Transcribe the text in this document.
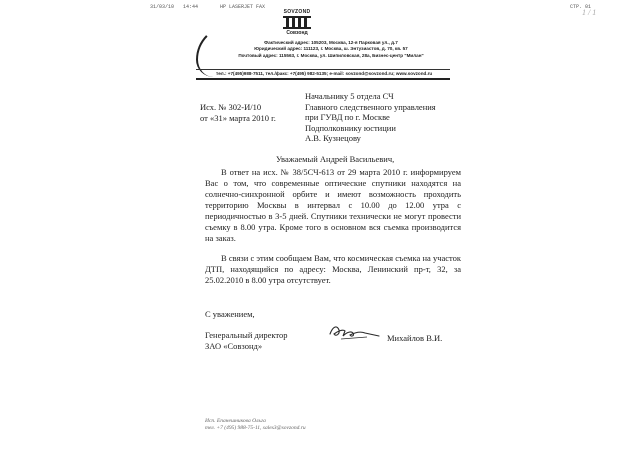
31/03/10 14:44	HP LASERJET FAX	СТР. 01
1 / 1
SOVZOND
Совзонд
Фактический адрес: 105203, Москва, 12-я Парковая ул., д.7
Юридический адрес: 111123, г. Москва, ш. Энтузиастов, д. 70, кв. 57
Почтовый адрес: 115563, г. Москва, ул. Шипиловская, 28а, Бизнес-центр "Милан"
тел.: +7(495)988-7511, тел./факс: +7(495) 982-5135; e-mail: sovzond@sovzond.ru; www.sovzond.ru
Исх. № 302-И/10
от «31» марта 2010 г.
Начальнику 5 отдела СЧ
Главного следственного управления
при ГУВД по г. Москве
Подполковнику юстиции
А.В. Кузнецову
Уважаемый Андрей Васильевич,
В ответ на исх. № 38/5СЧ-613 от 29 марта 2010 г. информируем Вас о том, что современные оптические спутники находятся на солнечно-синхронной орбите и имеют возможность проходить территорию Москвы в интервал с 10.00 до 12.00 утра с периодичностью в 3-5 дней. Спутники технически не могут провести съемку в 8.00 утра. Кроме того в основном вся съемка производится на заказ.
В связи с этим сообщаем Вам, что космическая съемка на участок ДТП, находящийся по адресу: Москва, Ленинский пр-т, 32, за 25.02.2010 в 8.00 утра отсутствует.
С уважением,
Генеральный директор
ЗАО «Совзонд»
Михайлов В.И.
Исп. Епанешникова Ольга
тел. +7 (495) 988-75-11, sales3@sovzond.ru
